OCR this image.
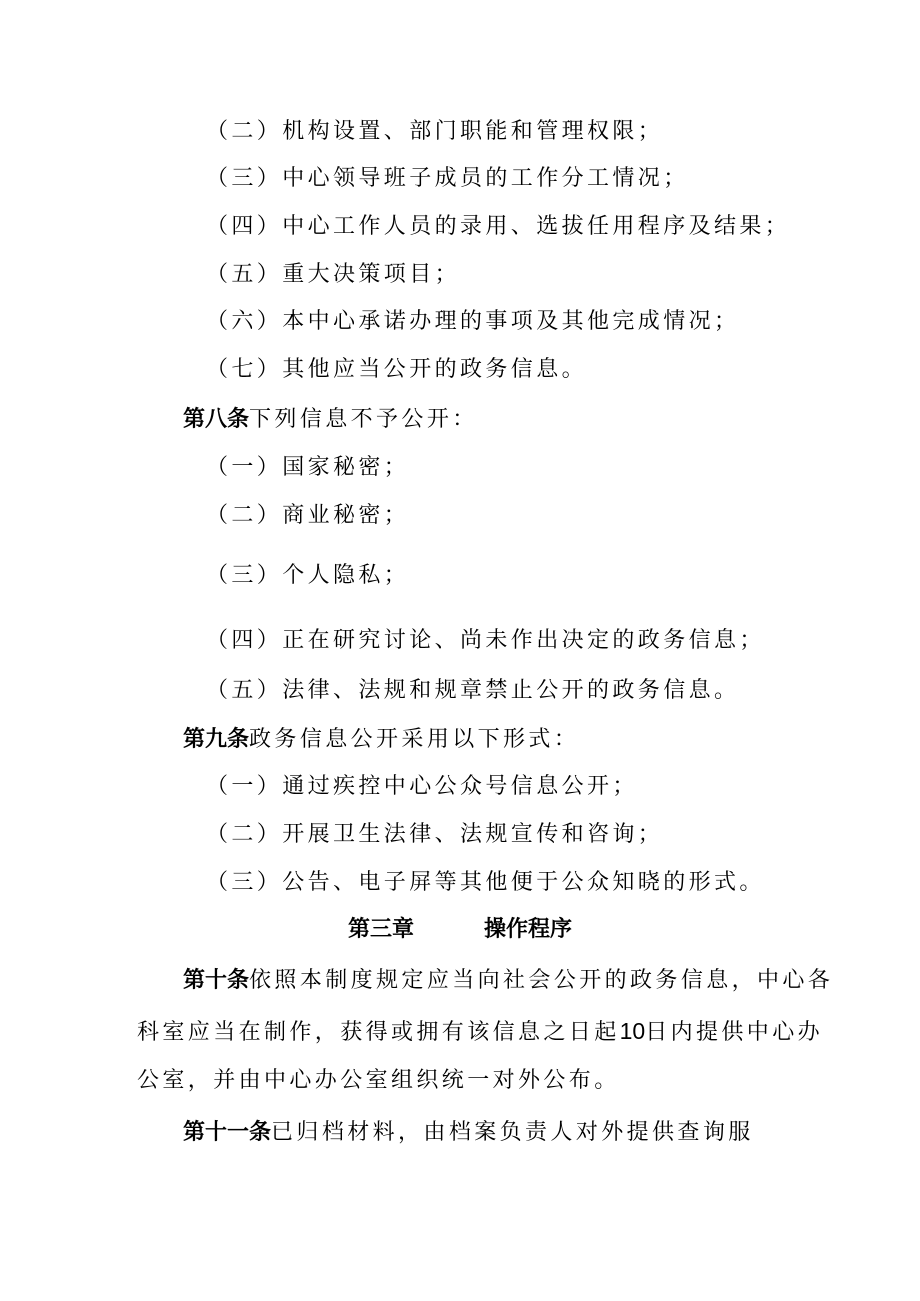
（二）机构设置、部门职能和管理权限；
（三）中心领导班子成员的工作分工情况；
（四）中心工作人员的录用、选拔任用程序及结果；
（五）重大决策项目；
（六）本中心承诺办理的事项及其他完成情况；
（七）其他应当公开的政务信息。
第八条下列信息不予公开：
（一）国家秘密；
（二）商业秘密；
（三）个人隐私；
（四）正在研究讨论、尚未作出决定的政务信息；
（五）法律、法规和规章禁止公开的政务信息。
第九条政务信息公开采用以下形式：
（一）通过疾控中心公众号信息公开；
（二）开展卫生法律、法规宣传和咨询；
（三）公告、电子屏等其他便于公众知晓的形式。
第三章	操作程序
第十条依照本制度规定应当向社会公开的政务信息，中心各
科室应当在制作，获得或拥有该信息之日起10日内提供中心办
公室，并由中心办公室组织统一对外公布。
第十一条已归档材料，由档案负责人对外提供查询服
